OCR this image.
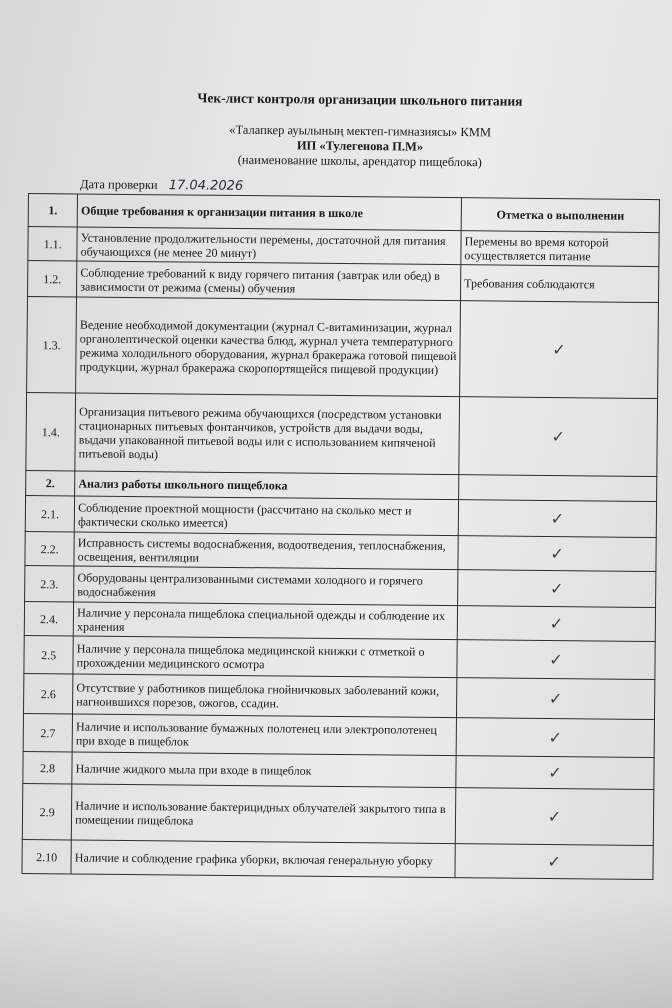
Чек-лист контроля организации школьного питания
«Талапкер ауылының мектеп-гимназиясы» КММ
ИП «Тулегенова П.М»
(наименование школы, арендатор пищеблока)
Дата проверки 17.04.2026
1.	Общие требования к организации питания в школе	Отметка о выполнении
1.1.	Установление продолжительности перемены, достаточной для питания обучающихся (не менее 20 минут)	Перемены во время которой осуществляется питание
1.2.	Соблюдение требований к виду горячего питания (завтрак или обед) в зависимости от режима (смены) обучения	Требования соблюдаются
1.3.	Ведение необходимой документации (журнал С-витаминизации, журнал органолептической оценки качества блюд, журнал учета температурного режима холодильного оборудования, журнал бракеража готовой пищевой продукции, журнал бракеража скоропортящейся пищевой продукции)	✓

1.4.	Организация питьевого режима обучающихся (посредством установки стационарных питьевых фонтанчиков, устройств для выдачи воды, выдачи упакованной питьевой воды или с использованием кипяченой питьевой воды)	✓

2.	Анализ работы школьного пищеблока	
2.1.	Соблюдение проектной мощности (рассчитано на сколько мест и фактически сколько имеется)	✓

2.2.	Исправность системы водоснабжения, водоотведения, теплоснабжения, освещения, вентиляции	✓

2.3.	Оборудованы централизованными системами холодного и горячего водоснабжения	✓

2.4.	Наличие у персонала пищеблока специальной одежды и соблюдение их хранения	✓

2.5	Наличие у персонала пищеблока медицинской книжки с отметкой о прохождении медицинского осмотра	✓

2.6	Отсутствие у работников пищеблока гнойничковых заболеваний кожи, нагноившихся порезов, ожогов, ссадин.	✓

2.7	Наличие и использование бумажных полотенец или электрополотенец при входе в пищеблок	✓

2.8	Наличие жидкого мыла при входе в пищеблок	✓

2.9	Наличие и использование бактерицидных облучателей закрытого типа в помещении пищеблока	✓

2.10	Наличие и соблюдение графика уборки, включая генеральную уборку	✓
